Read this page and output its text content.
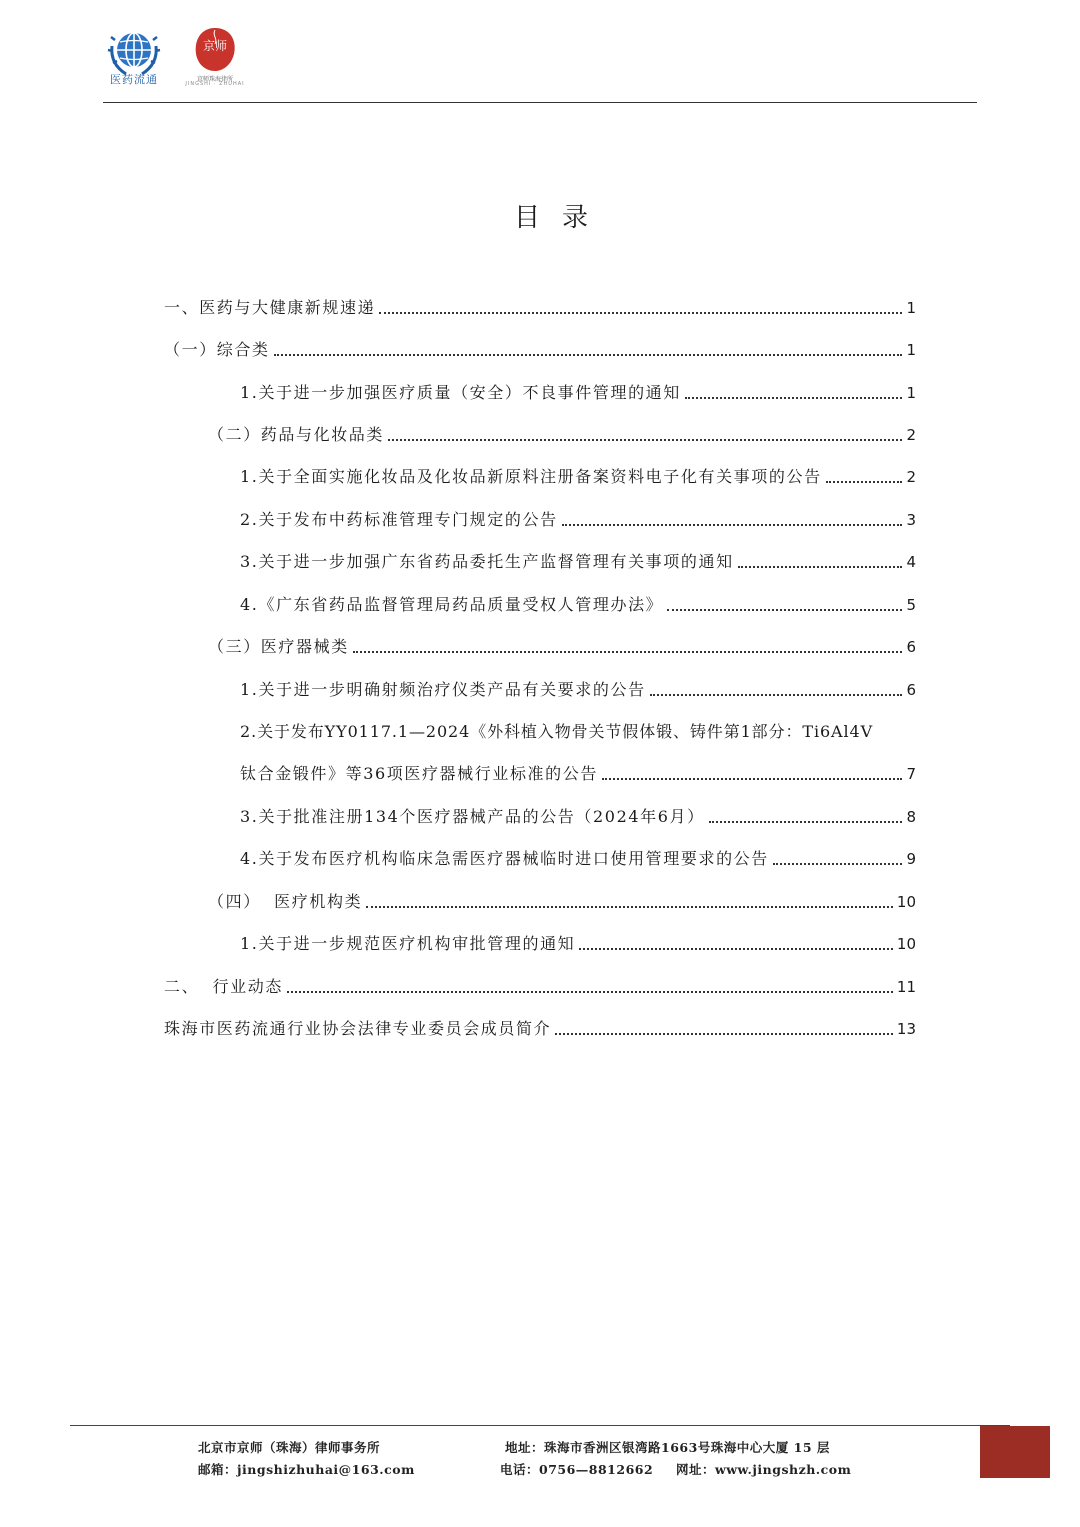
医药流通
京师
京师珠海律所
JINGSHI · ZHUHAI
目录
一、医药与大健康新规速递	1
（一）综合类	1
1.关于进一步加强医疗质量（安全）不良事件管理的通知	1
（二）药品与化妆品类	2
1.关于全面实施化妆品及化妆品新原料注册备案资料电子化有关事项的公告	2
2.关于发布中药标准管理专门规定的公告	3
3.关于进一步加强广东省药品委托生产监督管理有关事项的通知	4
4.《广东省药品监督管理局药品质量受权人管理办法》	5
（三）医疗器械类	6
1.关于进一步明确射频治疗仪类产品有关要求的公告	6
2.关于发布YY0117.1—2024《外科植入物骨关节假体锻、铸件第1部分：Ti6Al4V
钛合金锻件》等36项医疗器械行业标准的公告	7
3.关于批准注册134个医疗器械产品的公告（2024年6月）	8
4.关于发布医疗机构临床急需医疗器械临时进口使用管理要求的公告	9
（四）  医疗机构类	10
1.关于进一步规范医疗机构审批管理的通知	10
二、  行业动态	11
珠海市医药流通行业协会法律专业委员会成员简介	13
北京市京师（珠海）律师事务所	地址：珠海市香洲区银湾路1663号珠海中心大厦 15 层
邮箱：jingshizhuhai@163.com	电话：0756—8812662 网址：www.jingshzh.com
